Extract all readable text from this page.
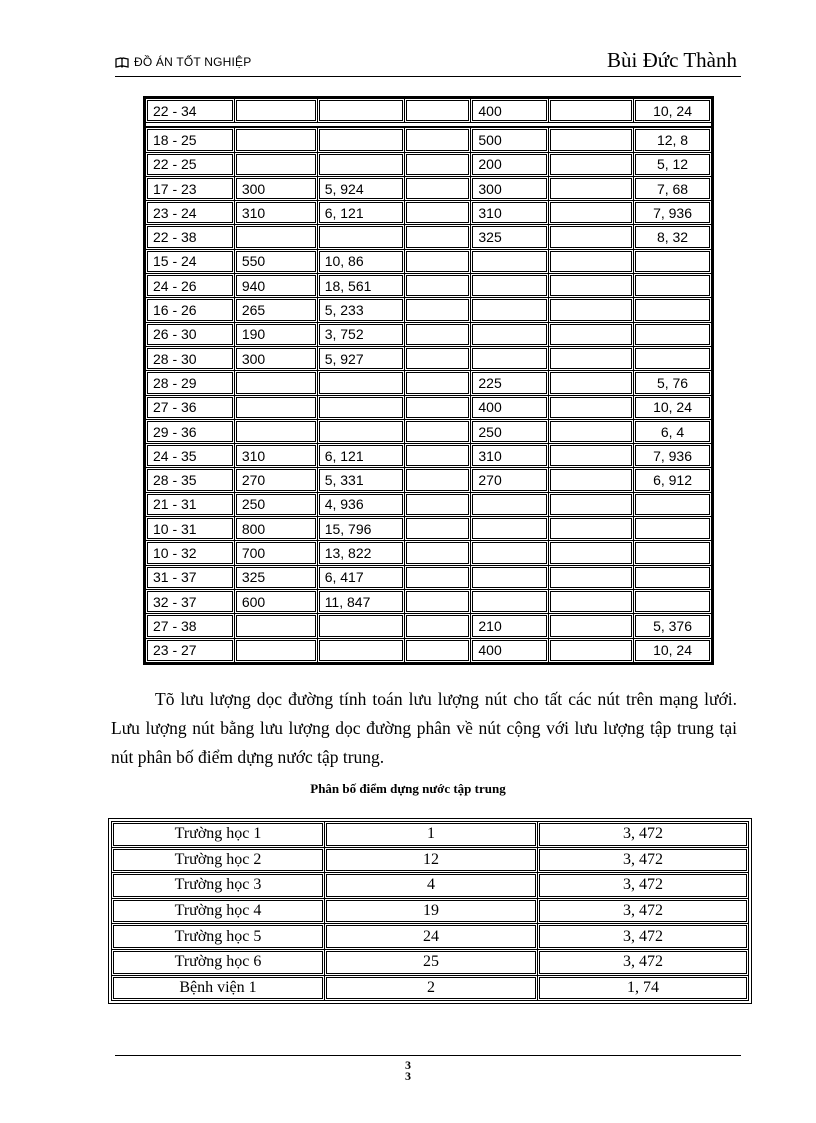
ĐỒ ÁN TỐT NGHIỆP	Bùi Đức Thành
22 - 34				400		10, 24

18 - 25				500		12, 8
22 - 25				200		5, 12
17 - 23	300	5, 924		300		7, 68
23 - 24	310	6, 121		310		7, 936
22 - 38				325		8, 32
15 - 24	550	10, 86				
24 - 26	940	18, 561				
16 - 26	265	5, 233				
26 - 30	190	3, 752				
28 - 30	300	5, 927				
28 - 29				225		5, 76
27 - 36				400		10, 24
29 - 36				250		6, 4
24 - 35	310	6, 121		310		7, 936
28 - 35	270	5, 331		270		6, 912
21 - 31	250	4, 936				
10 - 31	800	15, 796				
10 - 32	700	13, 822				
31 - 37	325	6, 417				
32 - 37	600	11, 847				
27 - 38				210		5, 376
23 - 27				400		10, 24

Tõ lưu lượng dọc đường tính toán lưu lượng nút cho tất các nút trên mạng lưới. Lưu lượng nút bằng lưu lượng dọc đường phân về nút cộng với lưu lượng tập trung tại nút phân bố điểm dựng nước tập trung.

Phân bố điểm dựng nước tập trung
Trường học 1	1	3, 472
Trường học 2	12	3, 472
Trường học 3	4	3, 472
Trường học 4	19	3, 472
Trường học 5	24	3, 472
Trường học 6	25	3, 472
Bệnh viện 1	2	1, 74
3
3
